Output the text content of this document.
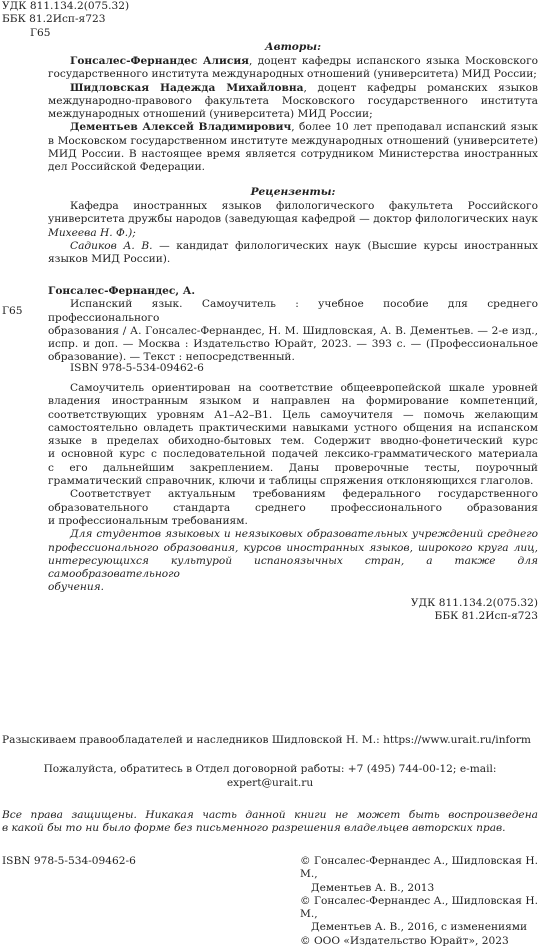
УДК 811.134.2(075.32)
ББК 81.2Исп-я723
Г65
Авторы:

Гонсалес-Фернандес Алисия, доцент кафедры испанского языка Московского

государственного института международных отношений (университета) МИД России;

Шидловская Надежда Михайловна, доцент кафедры романских языков

международно-правового факультета Московского государственного института

международных отношений (университета) МИД России;

Дементьев Алексей Владимирович, более 10 лет преподавал испанский язык

в Московском государственном институте международных отношений (университете)

МИД России. В настоящее время является сотрудником Министерства иностранных

дел Российской Федерации.

Рецензенты:

Кафедра иностранных языков филологического факультета Российского

университета дружбы народов (заведующая кафедрой — доктор филологических наук

Михеева Н. Ф.);

Садиков А. В. — кандидат филологических наук (Высшие курсы иностранных

языков МИД России).

Г65

Гонсалес-Фернандес, А.

Испанский язык. Самоучитель : учебное пособие для среднего профессионального

образования / А. Гонсалес-Фернандес, Н. М. Шидловская, А. В. Дементьев. — 2-е изд.,

испр. и доп. — Москва : Издательство Юрайт, 2023. — 393 с. — (Профессиональное

образование). — Текст : непосредственный.

ISBN 978-5-534-09462-6

Самоучитель ориентирован на соответствие общеевропейской шкале уровней

владения иностранным языком и направлен на формирование компетенций,

соответствующих уровням А1–А2–В1. Цель самоучителя — помочь желающим

самостоятельно овладеть практическими навыками устного общения на испанском

языке в пределах обиходно-бытовых тем. Содержит вводно-фонетический курс

и основной курс с последовательной подачей лексико-грамматического материала

с его дальнейшим закреплением. Даны проверочные тесты, поурочный

грамматический справочник, ключи и таблицы спряжения отклоняющихся глаголов.

Соответствует актуальным требованиям федерального государственного

образовательного стандарта среднего профессионального образования

и профессиональным требованиям.

Для студентов языковых и неязыковых образовательных учреждений среднего

профессионального образования, курсов иностранных языков, широкого круга лиц,

интересующихся культурой испаноязычных стран, а также для самообразовательного

обучения.

УДК 811.134.2(075.32)
ББК 81.2Исп-я723
Разыскиваем правообладателей и наследников Шидловской Н. М.: https://www.urait.ru/inform
Пожалуйста, обратитесь в Отдел договорной работы: +7 (495) 744-00-12; e-mail:
expert@urait.ru

Все права защищены. Никакая часть данной книги не может быть воспроизведена

в какой бы то ни было форме без письменного разрешения владельцев авторских прав.

ISBN 978-5-534-09462-6	© Гонсалес-Фернандес А., Шидловская Н. М.,

Дементьев А. В., 2013

© Гонсалес-Фернандес А., Шидловская Н. М.,

Дементьев А. В., 2016, с изменениями

© ООО «Издательство Юрайт», 2023
